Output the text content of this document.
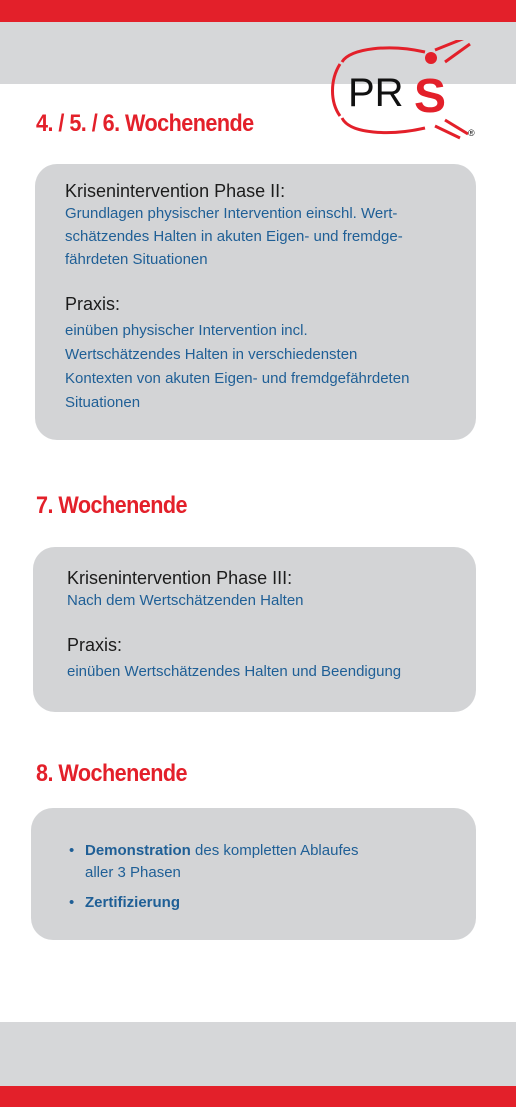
PR S
®
4. / 5. / 6. Wochenende
Krisenintervention Phase II:
Grundlagen physischer Intervention einschl. Wert-
schätzendes Halten in akuten Eigen- und fremdge-
fährdeten Situationen
Praxis:
einüben physischer Intervention incl.
Wertschätzendes Halten in verschiedensten
Kontexten von akuten Eigen- und fremdgefährdeten
Situationen
7. Wochenende
Krisenintervention Phase III:
Nach dem Wertschätzenden Halten
Praxis:
einüben Wertschätzendes Halten und Beendigung
8. Wochenende
• Demonstration des kompletten Ablaufes
aller 3 Phasen
• Zertifizierung
